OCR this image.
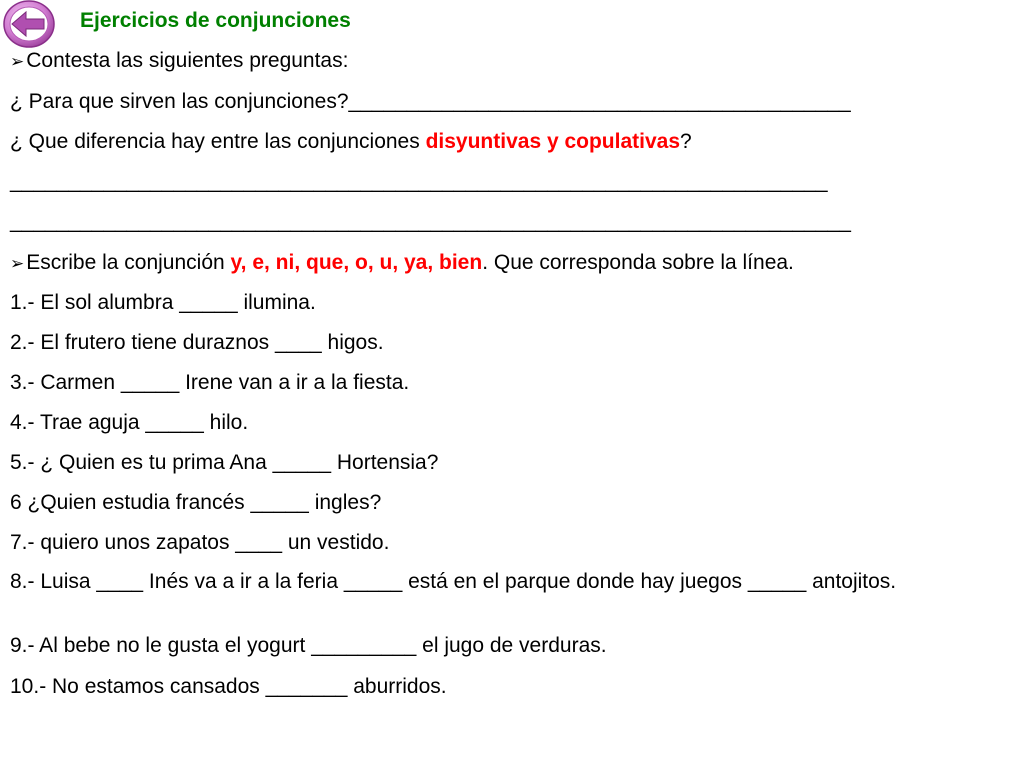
Ejercicios de conjunciones
➢Contesta las siguientes preguntas:
¿ Para que sirven las conjunciones?___________________________________________
¿ Que diferencia hay entre las conjunciones disyuntivas y copulativas?
______________________________________________________________________
________________________________________________________________________
➢Escribe la conjunción y, e, ni, que, o, u, ya, bien. Que corresponda sobre la línea.
1.- El sol alumbra _____ ilumina.
2.- El frutero tiene duraznos ____ higos.
3.- Carmen _____ Irene van a ir a la fiesta.
4.- Trae aguja _____ hilo.
5.- ¿ Quien es tu prima Ana _____ Hortensia?
6 ¿Quien estudia francés _____ ingles?
7.- quiero unos zapatos ____ un vestido.
8.- Luisa ____ Inés va a ir a la feria _____ está en el parque donde hay juegos _____ antojitos.
9.- Al bebe no le gusta el yogurt _________ el jugo de verduras.
10.- No estamos cansados _______ aburridos.
